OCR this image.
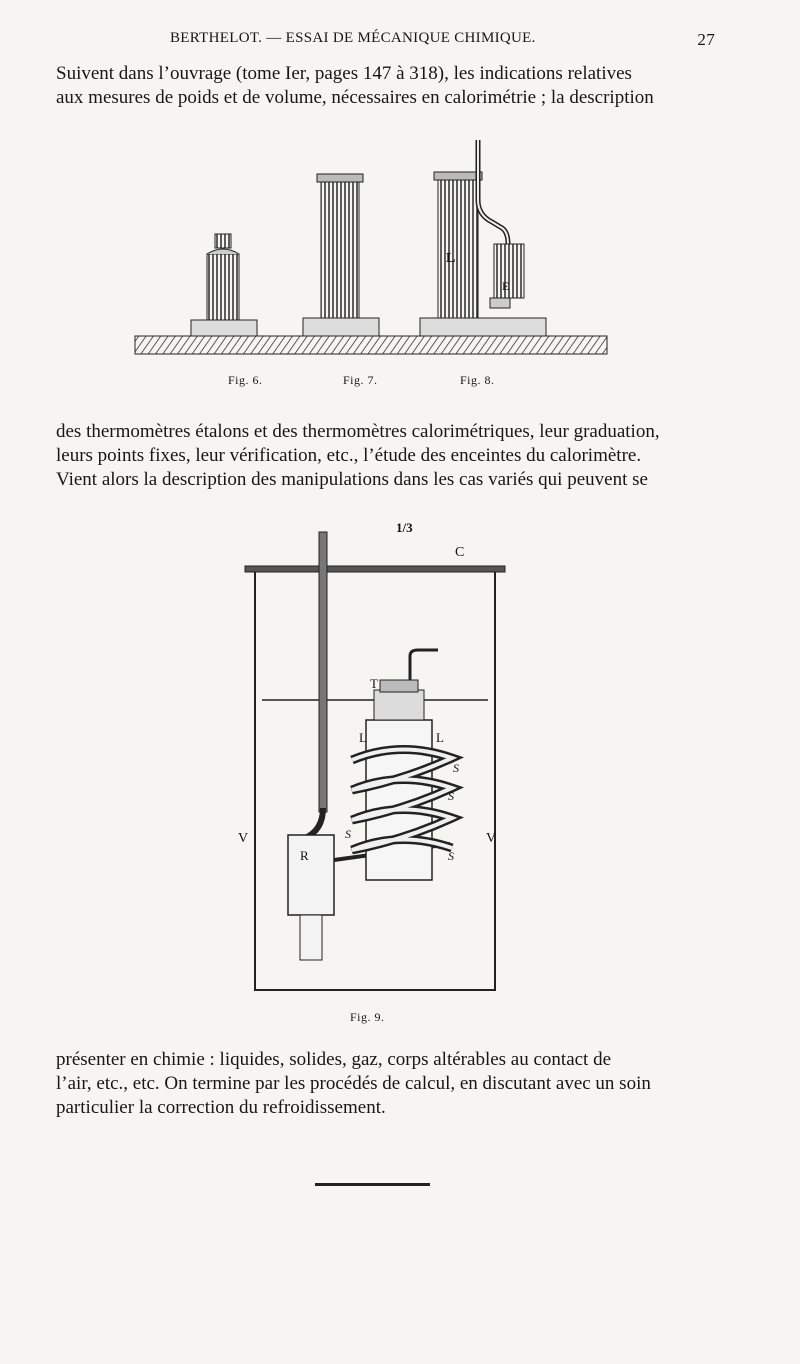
BERTHELOT. — ESSAI DE MÉCANIQUE CHIMIQUE.	27
Suivent dans l’ouvrage (tome Ier, pages 147 à 318), les indications relatives
aux mesures de poids et de volume, nécessaires en calorimétrie ; la description
L
E
1/3
C
T
L	L
V	V
R
S
S
S
S
Fig. 6.	Fig. 7.	Fig. 8.
des thermomètres étalons et des thermomètres calorimétriques, leur graduation,
leurs points fixes, leur vérification, etc., l’étude des enceintes du calorimètre.
Vient alors la description des manipulations dans les cas variés qui peuvent se
Fig. 9.
présenter en chimie : liquides, solides, gaz, corps altérables au contact de
l’air, etc., etc. On termine par les procédés de calcul, en discutant avec un soin
particulier la correction du refroidissement.
